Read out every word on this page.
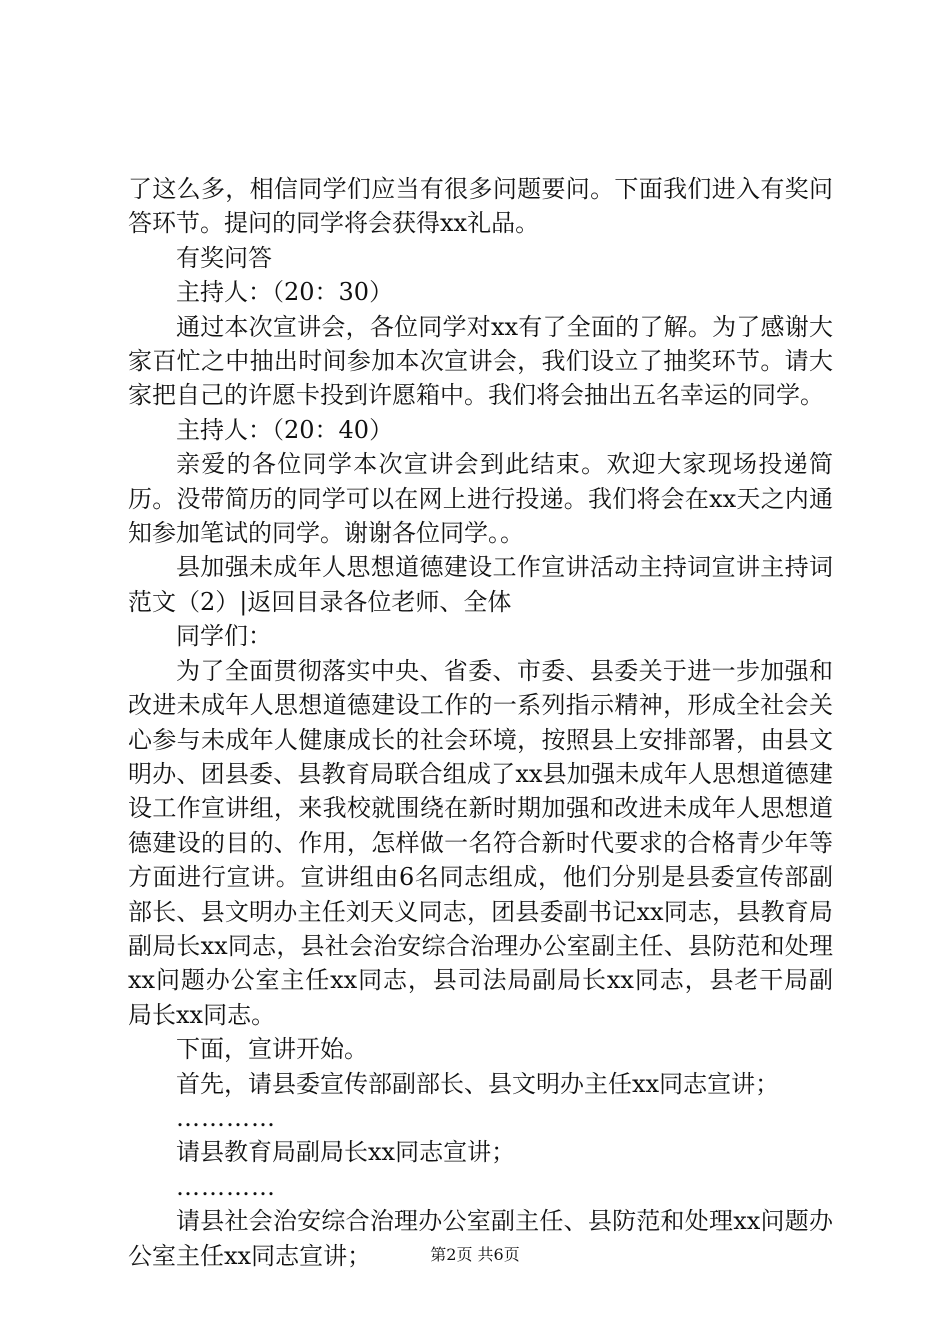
了这么多，相信同学们应当有很多问题要问。下面我们进入有奖问答环节。提问的同学将会获得xx礼品。

有奖问答

主持人：（20：30）

通过本次宣讲会，各位同学对xx有了全面的了解。为了感谢大家百忙之中抽出时间参加本次宣讲会，我们设立了抽奖环节。请大家把自己的许愿卡投到许愿箱中。我们将会抽出五名幸运的同学。

主持人：（20：40）

亲爱的各位同学本次宣讲会到此结束。欢迎大家现场投递简历。没带简历的同学可以在网上进行投递。我们将会在xx天之内通知参加笔试的同学。谢谢各位同学。。

县加强未成年人思想道德建设工作宣讲活动主持词宣讲主持词范文（2）|返回目录各位老师、全体

同学们：

为了全面贯彻落实中央、省委、市委、县委关于进一步加强和改进未成年人思想道德建设工作的一系列指示精神，形成全社会关心参与未成年人健康成长的社会环境，按照县上安排部署，由县文明办、团县委、县教育局联合组成了xx县加强未成年人思想道德建设工作宣讲组，来我校就围绕在新时期加强和改进未成年人思想道德建设的目的、作用，怎样做一名符合新时代要求的合格青少年等方面进行宣讲。宣讲组由6名同志组成，他们分别是县委宣传部副部长、县文明办主任刘天义同志，团县委副书记xx同志，县教育局副局长xx同志，县社会治安综合治理办公室副主任、县防范和处理xx问题办公室主任xx同志，县司法局副局长xx同志，县老干局副局长xx同志。

下面，宣讲开始。

首先，请县委宣传部副部长、县文明办主任xx同志宣讲；

…………

请县教育局副局长xx同志宣讲；

…………

请县社会治安综合治理办公室副主任、县防范和处理xx问题办公室主任xx同志宣讲；	第2页 共6页
